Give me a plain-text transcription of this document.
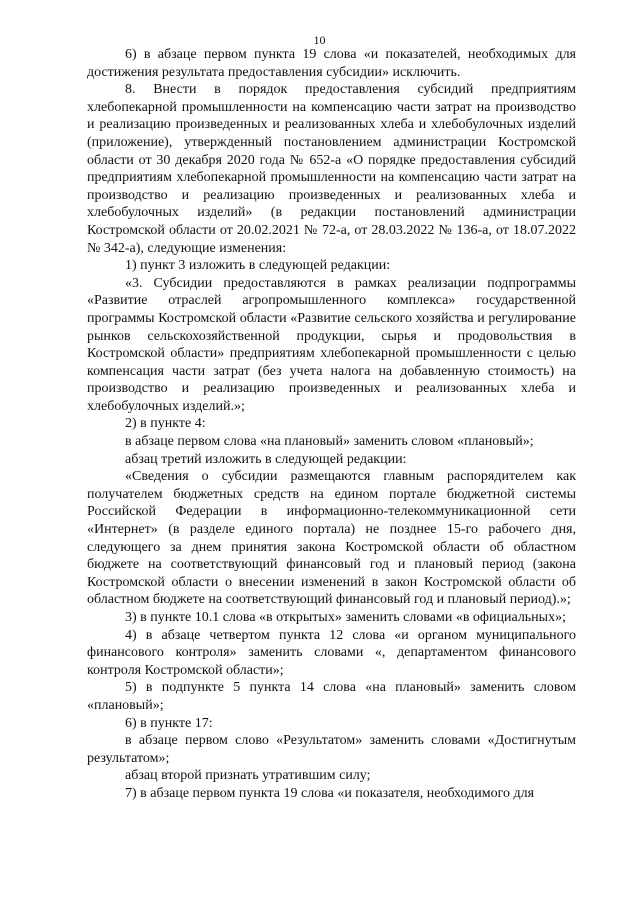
10

6) в абзаце первом пункта 19 слова «и показателей, необходимых для достижения результата предоставления субсидии» исключить.

8. Внести в порядок предоставления субсидий предприятиям хлебопекарной промышленности на компенсацию части затрат на производство и реализацию произведенных и реализованных хлеба и хлебобулочных изделий (приложение), утвержденный постановлением администрации Костромской области от 30 декабря 2020 года № 652-а «О порядке предоставления субсидий предприятиям хлебопекарной промышленности на компенсацию части затрат на производство и реализацию произведенных и реализованных хлеба и хлебобулочных изделий» (в редакции постановлений администрации Костромской области от 20.02.2021 № 72-а, от 28.03.2022 № 136-а, от 18.07.2022 № 342-а), следующие изменения:

1) пункт 3 изложить в следующей редакции:

«3. Субсидии предоставляются в рамках реализации подпрограммы «Развитие отраслей агропромышленного комплекса» государственной программы Костромской области «Развитие сельского хозяйства и регулирование рынков сельскохозяйственной продукции, сырья и продовольствия в Костромской области» предприятиям хлебопекарной промышленности с целью компенсация части затрат (без учета налога на добавленную стоимость) на производство и реализацию произведенных и реализованных хлеба и хлебобулочных изделий.»;

2) в пункте 4:

в абзаце первом слова «на плановый» заменить словом «плановый»;

абзац третий изложить в следующей редакции:

«Сведения о субсидии размещаются главным распорядителем как получателем бюджетных средств на едином портале бюджетной системы Российской Федерации в информационно-телекоммуникационной сети «Интернет» (в разделе единого портала) не позднее 15-го рабочего дня, следующего за днем принятия закона Костромской области об областном бюджете на соответствующий финансовый год и плановый период (закона Костромской области о внесении изменений в закон Костромской области об областном бюджете на соответствующий финансовый год и плановый период).»;

3) в пункте 10.1 слова «в открытых» заменить словами «в официальных»;

4) в абзаце четвертом пункта 12 слова «и органом муниципального финансового контроля» заменить словами «, департаментом финансового контроля Костромской области»;

5) в подпункте 5 пункта 14 слова «на плановый» заменить словом «плановый»;

6) в пункте 17:

в абзаце первом слово «Результатом» заменить словами «Достигнутым результатом»;

абзац второй признать утратившим силу;

7) в абзаце первом пункта 19 слова «и показателя, необходимого для
